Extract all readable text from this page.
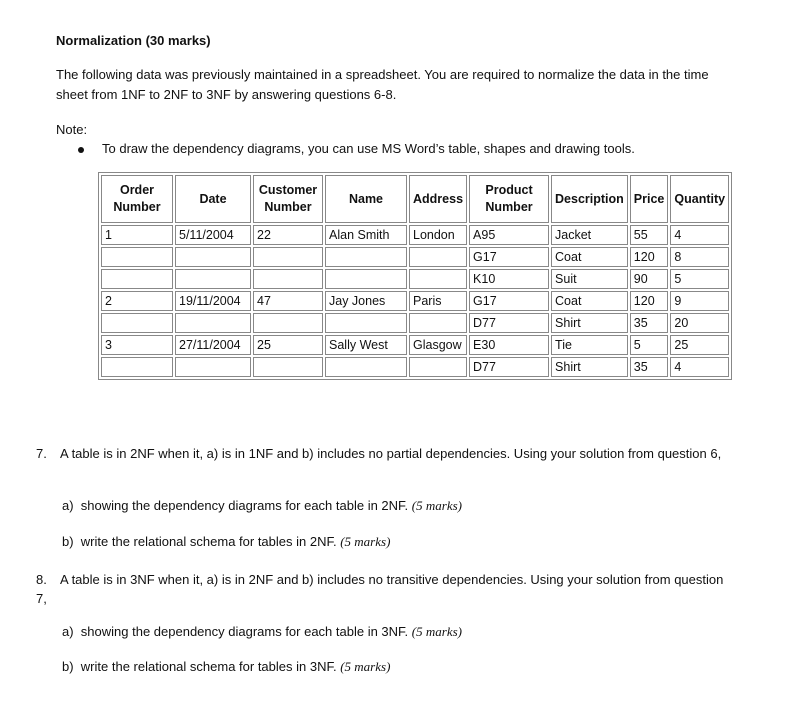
Normalization (30 marks)
The following data was previously maintained in a spreadsheet. You are required to normalize the data in the time sheet from 1NF to 2NF to 3NF by answering questions 6-8.
Note:
To draw the dependency diagrams, you can use MS Word’s table, shapes and drawing tools.
Order Number	Date	Customer Number	Name	Address	Product Number	Description	Price	Quantity
1	5/11/2004	22	Alan Smith	London	A95	Jacket	55	4
					G17	Coat	120	8
					K10	Suit	90	5
2	19/11/2004	47	Jay Jones	Paris	G17	Coat	120	9
					D77	Shirt	35	20
3	27/11/2004	25	Sally West	Glasgow	E30	Tie	5	25
					D77	Shirt	35	4
7. A table is in 2NF when it, a) is in 1NF and b) includes no partial dependencies. Using your solution from question 6,
a) showing the dependency diagrams for each table in 2NF. (5 marks)
b) write the relational schema for tables in 2NF. (5 marks)
8. A table is in 3NF when it, a) is in 2NF and b) includes no transitive dependencies. Using your solution from question 7,
a) showing the dependency diagrams for each table in 3NF. (5 marks)
b) write the relational schema for tables in 3NF. (5 marks)
